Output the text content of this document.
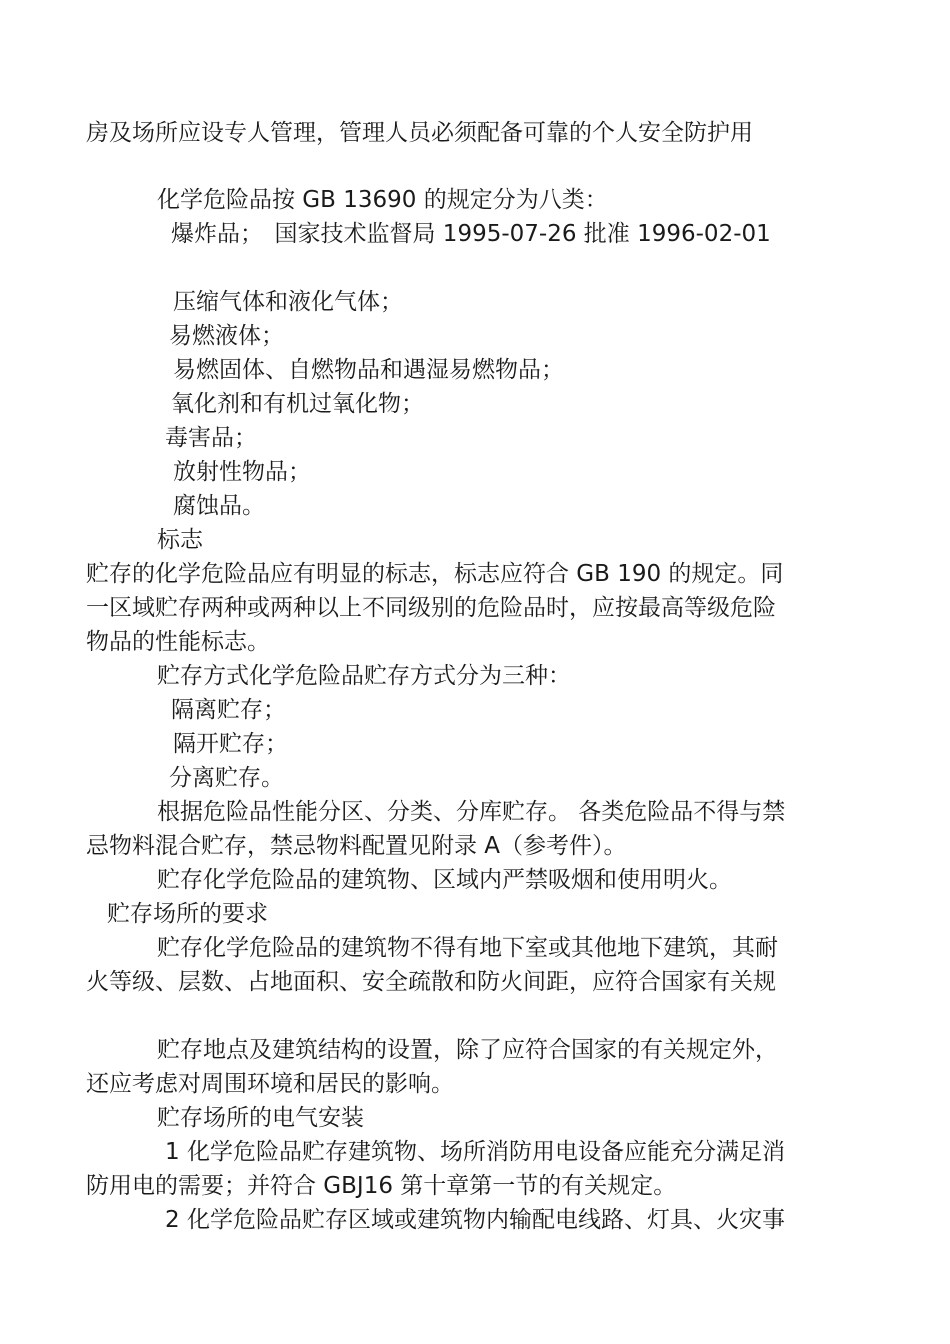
房及场所应设专人管理，管理人员必须配备可靠的个人安全防护用
化学危险品按 GB 13690 的规定分为八类：
爆炸品；　国家技术监督局 1995-07-26 批准 1996-02-01
压缩气体和液化气体；
易燃液体；
易燃固体、自燃物品和遇湿易燃物品；
氧化剂和有机过氧化物；
毒害品；
放射性物品；
腐蚀品。
标志
贮存的化学危险品应有明显的标志，标志应符合 GB 190 的规定。同
一区域贮存两种或两种以上不同级别的危险品时，应按最高等级危险
物品的性能标志。
贮存方式化学危险品贮存方式分为三种：
隔离贮存；
隔开贮存；
分离贮存。
根据危险品性能分区、分类、分库贮存。 各类危险品不得与禁
忌物料混合贮存，禁忌物料配置见附录 A（参考件）。
贮存化学危险品的建筑物、区域内严禁吸烟和使用明火。
贮存场所的要求
贮存化学危险品的建筑物不得有地下室或其他地下建筑，其耐
火等级、层数、占地面积、安全疏散和防火间距，应符合国家有关规
贮存地点及建筑结构的设置，除了应符合国家的有关规定外，
还应考虑对周围环境和居民的影响。
贮存场所的电气安装
1 化学危险品贮存建筑物、场所消防用电设备应能充分满足消
防用电的需要；并符合 GBJ16 第十章第一节的有关规定。
2 化学危险品贮存区域或建筑物内输配电线路、灯具、火灾事
